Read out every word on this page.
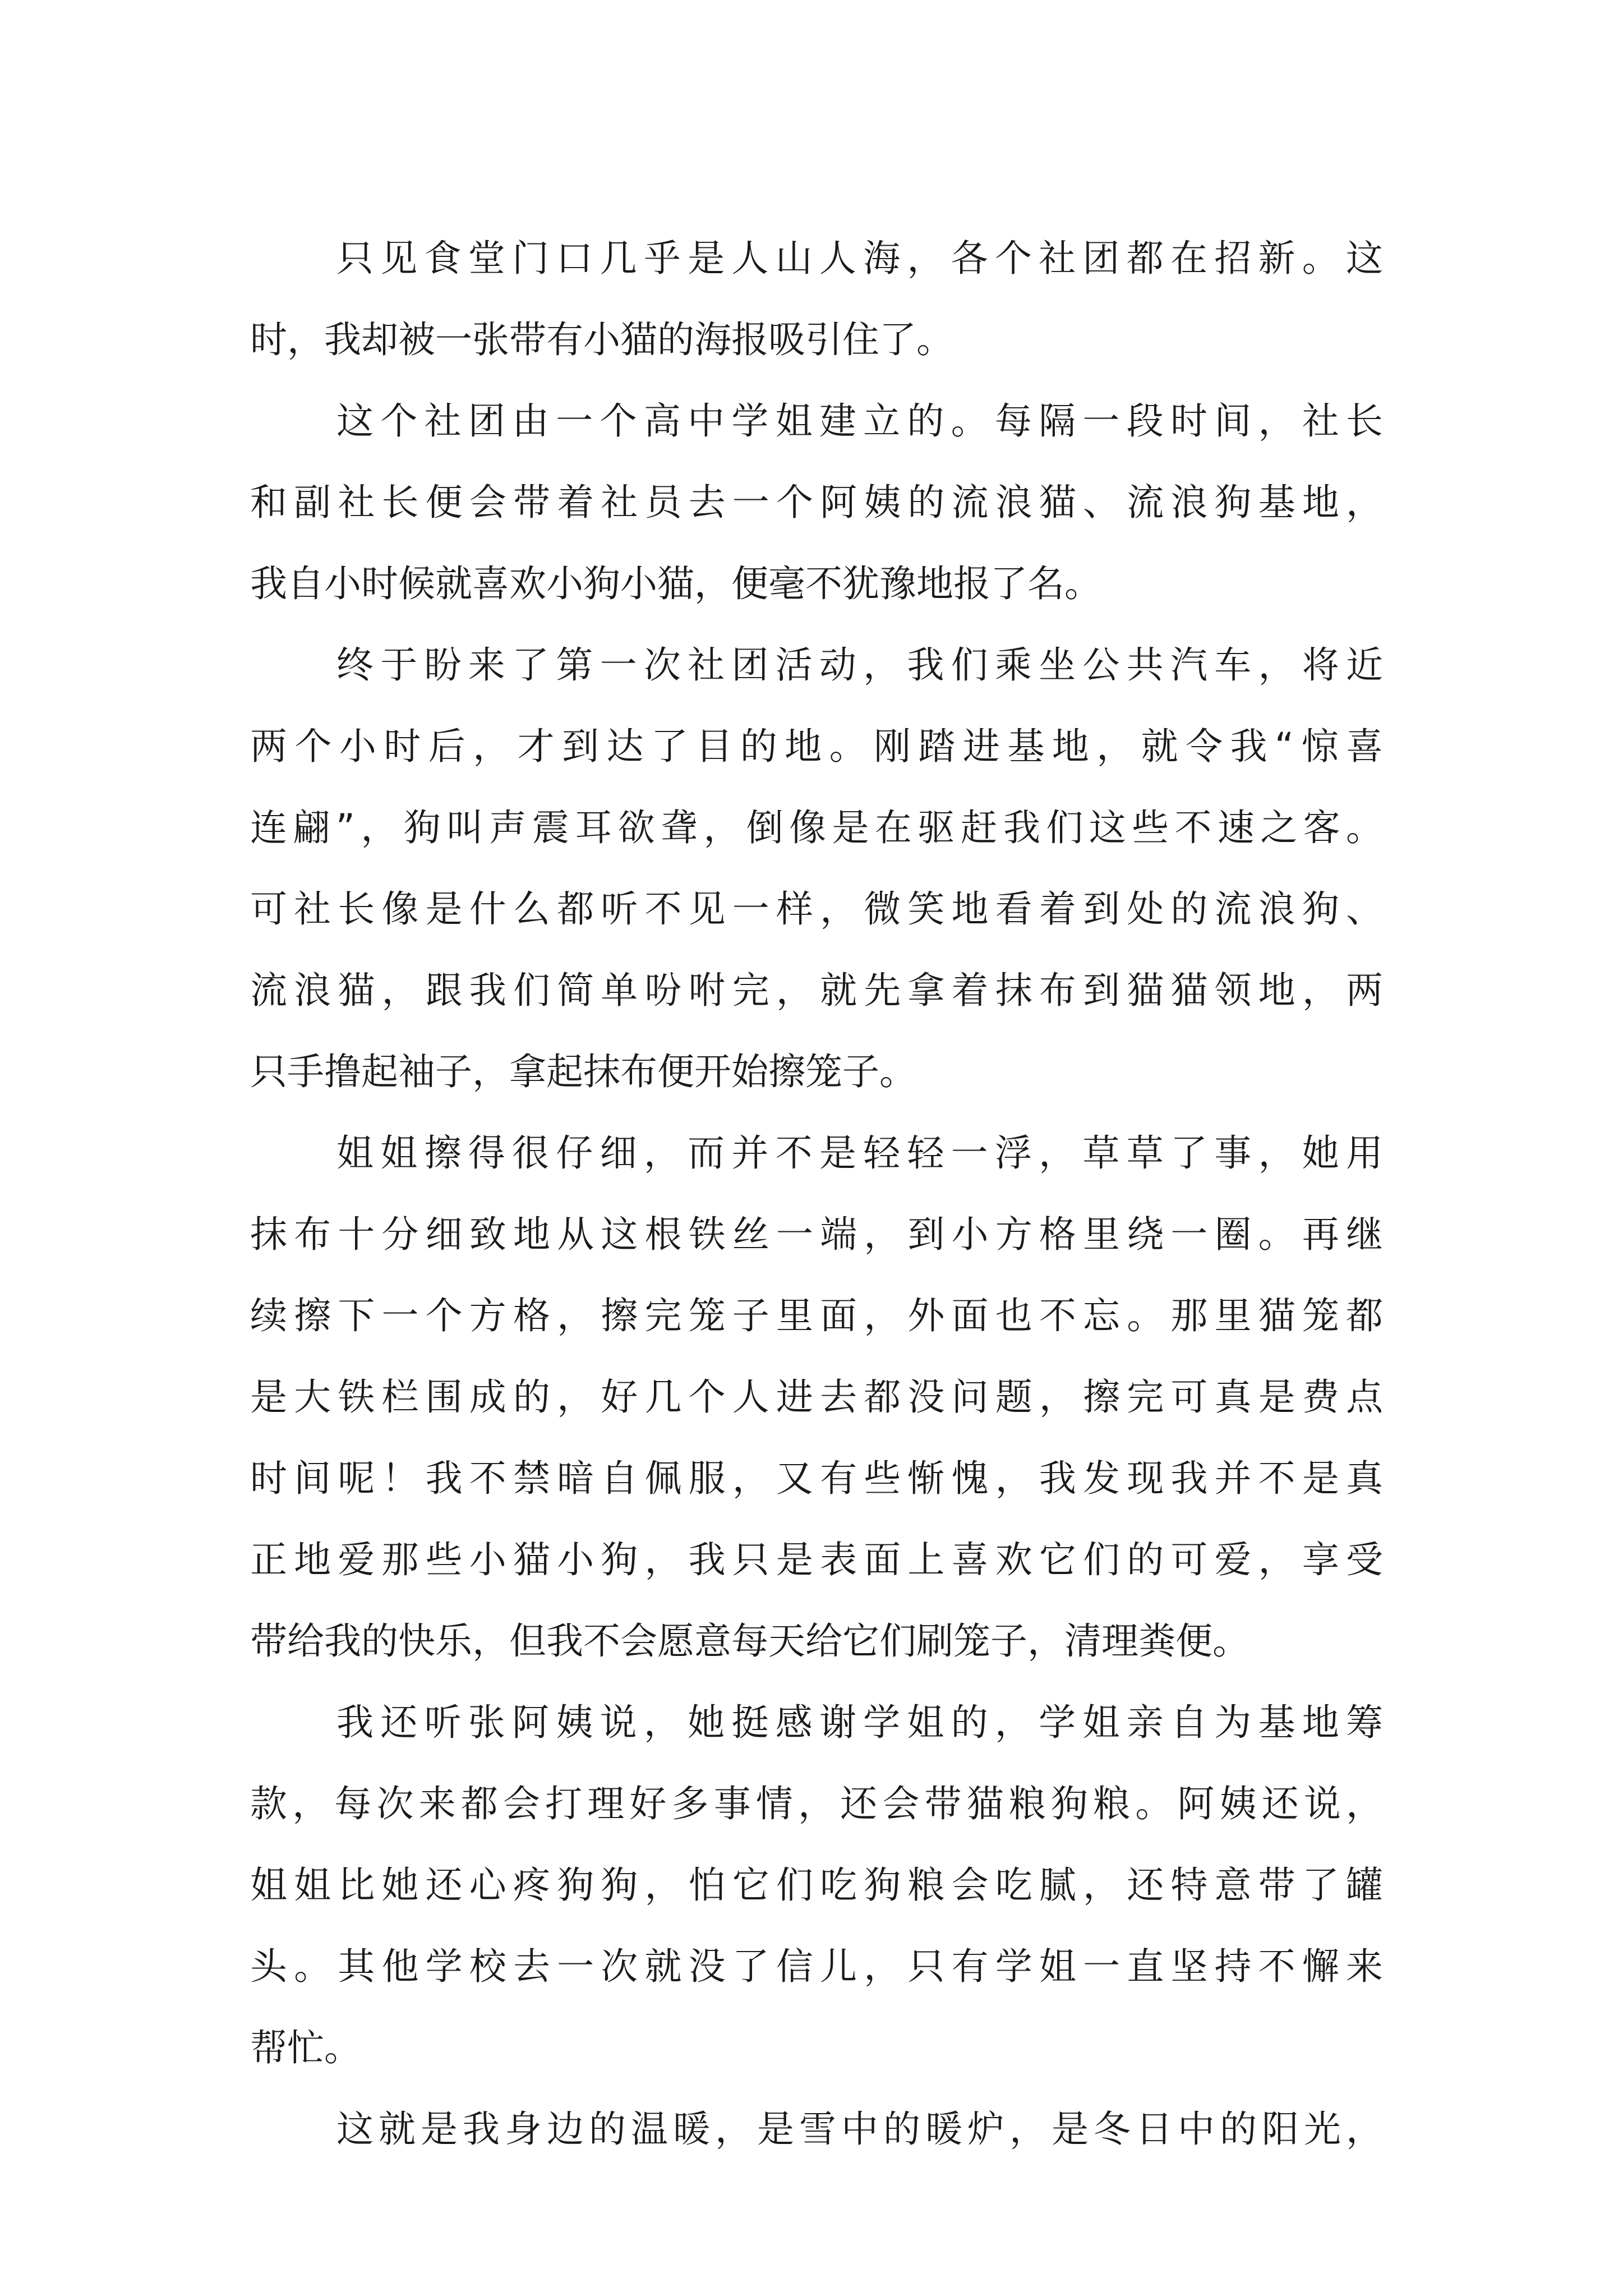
只见食堂门口几乎是人山人海，各个社团都在招新。这
时，我却被一张带有小猫的海报吸引住了。
这个社团由一个高中学姐建立的。每隔一段时间，社长
和副社长便会带着社员去一个阿姨的流浪猫、流浪狗基地，
我自小时候就喜欢小狗小猫，便毫不犹豫地报了名。
终于盼来了第一次社团活动，我们乘坐公共汽车，将近
两个小时后，才到达了目的地。刚踏进基地，就令我“惊喜
连翩”，狗叫声震耳欲聋，倒像是在驱赶我们这些不速之客。
可社长像是什么都听不见一样，微笑地看着到处的流浪狗、
流浪猫，跟我们简单吩咐完，就先拿着抹布到猫猫领地，两
只手撸起袖子，拿起抹布便开始擦笼子。
姐姐擦得很仔细，而并不是轻轻一浮，草草了事，她用
抹布十分细致地从这根铁丝一端，到小方格里绕一圈。再继
续擦下一个方格，擦完笼子里面，外面也不忘。那里猫笼都
是大铁栏围成的，好几个人进去都没问题，擦完可真是费点
时间呢！我不禁暗自佩服，又有些惭愧，我发现我并不是真
正地爱那些小猫小狗，我只是表面上喜欢它们的可爱，享受
带给我的快乐，但我不会愿意每天给它们刷笼子，清理粪便。
我还听张阿姨说，她挺感谢学姐的，学姐亲自为基地筹
款，每次来都会打理好多事情，还会带猫粮狗粮。阿姨还说，
姐姐比她还心疼狗狗，怕它们吃狗粮会吃腻，还特意带了罐
头。其他学校去一次就没了信儿，只有学姐一直坚持不懈来
帮忙。
这就是我身边的温暖，是雪中的暖炉，是冬日中的阳光，
